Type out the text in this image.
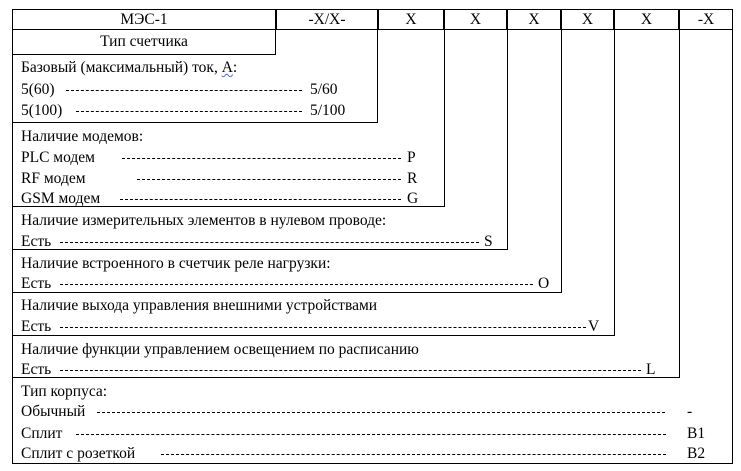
МЭС-1	-X/X-	X	X	X	X	X	-X
Тип счетчика
Базовый (максимальный) ток, А:
5(60)	5/60
5(100)	5/100
Наличие модемов:
PLC модем	P
RF модем	R
GSM модем	G
Наличие измерительных элементов в нулевом проводе:
Есть	S
Наличие встроенного в счетчик реле нагрузки:
Есть	O
Наличие выхода управления внешними устройствами
Есть	V
Наличие функции управлением освещением по расписанию
Есть	L
Тип корпуса:
Обычный	-
Сплит	B1
Сплит с розеткой	B2
